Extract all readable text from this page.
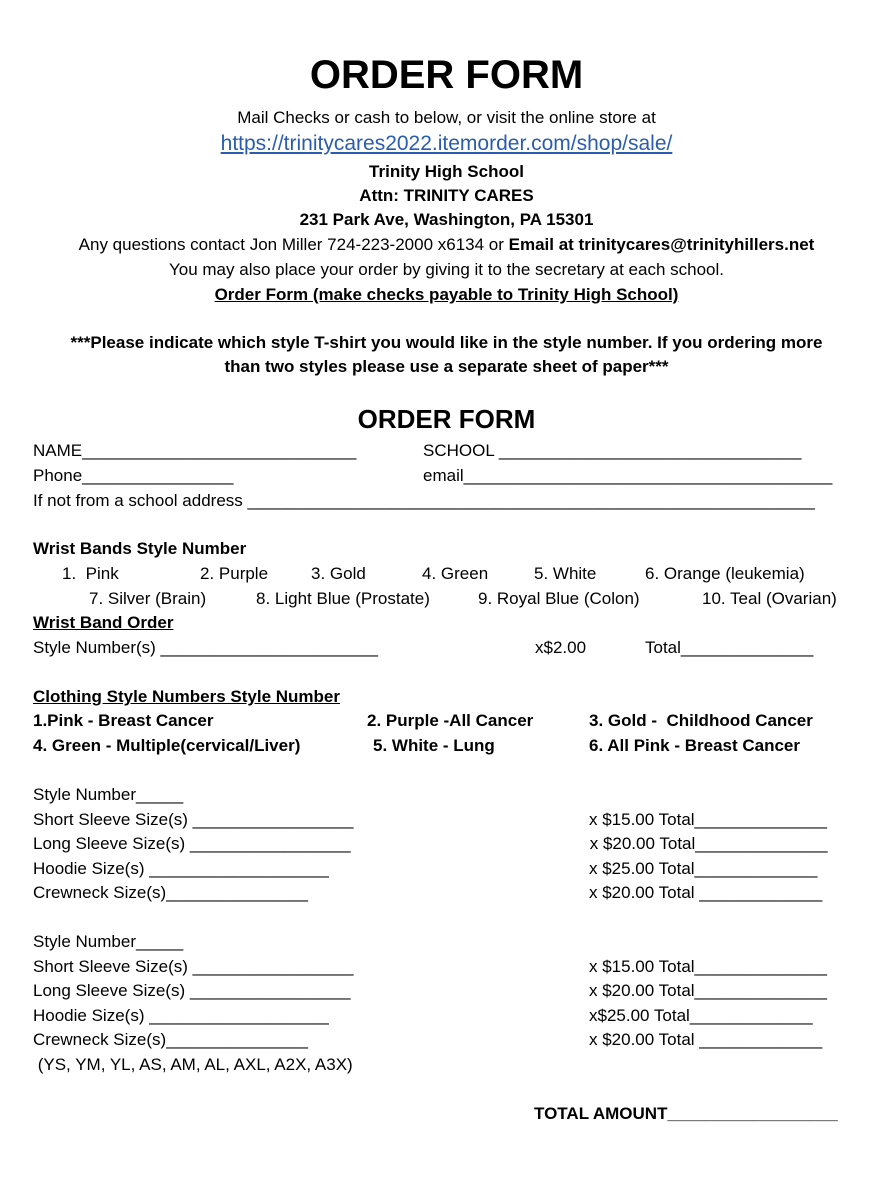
ORDER FORM
Mail Checks or cash to below, or visit the online store at
https://trinitycares2022.itemorder.com/shop/sale/
Trinity High School
Attn: TRINITY CARES
231 Park Ave, Washington, PA 15301
Any questions contact Jon Miller 724-223-2000 x6134 or Email at trinitycares@trinityhillers.net
You may also place your order by giving it to the secretary at each school.
Order Form (make checks payable to Trinity High School)
***Please indicate which style T-shirt you would like in the style number. If you ordering more
than two styles please use a separate sheet of paper***
ORDER FORM
NAME_____________________________	SCHOOL ________________________________
Phone________________	email_______________________________________
If not from a school address ____________________________________________________________
Wrist Bands Style Number
1.  Pink	2. Purple	3. Gold	4. Green	5. White	6. Orange (leukemia)
7. Silver (Brain)	8. Light Blue (Prostate)	9. Royal Blue (Colon)	10. Teal (Ovarian)
Wrist Band Order
Style Number(s) _______________________	x$2.00	Total______________
Clothing Style Numbers Style Number
1.Pink - Breast Cancer	2. Purple -All Cancer	3. Gold -  Childhood Cancer
4. Green - Multiple(cervical/Liver)	5. White - Lung	6. All Pink - Breast Cancer
Style Number_____
Short Sleeve Size(s) _________________	x $15.00 Total______________
Long Sleeve Size(s) _________________	x $20.00 Total______________
Hoodie Size(s) ___________________	x $25.00 Total_____________
Crewneck Size(s)_______________	x $20.00 Total _____________
Style Number_____
Short Sleeve Size(s) _________________	x $15.00 Total______________
Long Sleeve Size(s) _________________	x $20.00 Total______________
Hoodie Size(s) ___________________	x$25.00 Total_____________
Crewneck Size(s)_______________	x $20.00 Total _____________
(YS, YM, YL, AS, AM, AL, AXL, A2X, A3X)
TOTAL AMOUNT__________________
